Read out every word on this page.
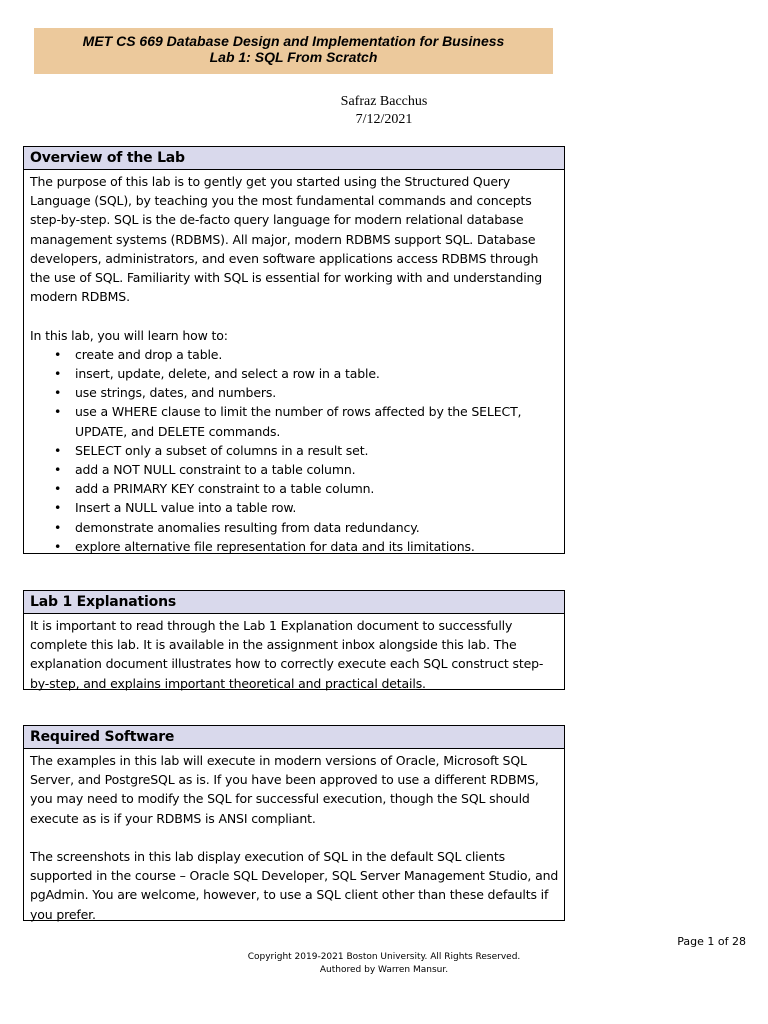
MET CS 669 Database Design and Implementation for Business
Lab 1: SQL From Scratch
Safraz Bacchus
7/12/2021
Overview of the Lab

The purpose of this lab is to gently get you started using the Structured Query Language (SQL), by teaching you the most fundamental commands and concepts step-by-step. SQL is the de-facto query language for modern relational database management systems (RDBMS). All major, modern RDBMS support SQL. Database developers, administrators, and even software applications access RDBMS through the use of SQL. Familiarity with SQL is essential for working with and understanding modern RDBMS.

In this lab, you will learn how to:

• create and drop a table.
• insert, update, delete, and select a row in a table.
• use strings, dates, and numbers.
• use a WHERE clause to limit the number of rows affected by the SELECT, UPDATE, and DELETE commands.
• SELECT only a subset of columns in a result set.
• add a NOT NULL constraint to a table column.
• add a PRIMARY KEY constraint to a table column.
• Insert a NULL value into a table row.
• demonstrate anomalies resulting from data redundancy.
• explore alternative file representation for data and its limitations.
Lab 1 Explanations

It is important to read through the Lab 1 Explanation document to successfully complete this lab. It is available in the assignment inbox alongside this lab. The explanation document illustrates how to correctly execute each SQL construct step-by-step, and explains important theoretical and practical details.

Required Software

The examples in this lab will execute in modern versions of Oracle, Microsoft SQL Server, and PostgreSQL as is. If you have been approved to use a different RDBMS, you may need to modify the SQL for successful execution, though the SQL should execute as is if your RDBMS is ANSI compliant.

The screenshots in this lab display execution of SQL in the default SQL clients supported in the course – Oracle SQL Developer, SQL Server Management Studio, and pgAdmin. You are welcome, however, to use a SQL client other than these defaults if you prefer.

Page 1 of 28
Copyright 2019-2021 Boston University. All Rights Reserved.
Authored by Warren Mansur.
